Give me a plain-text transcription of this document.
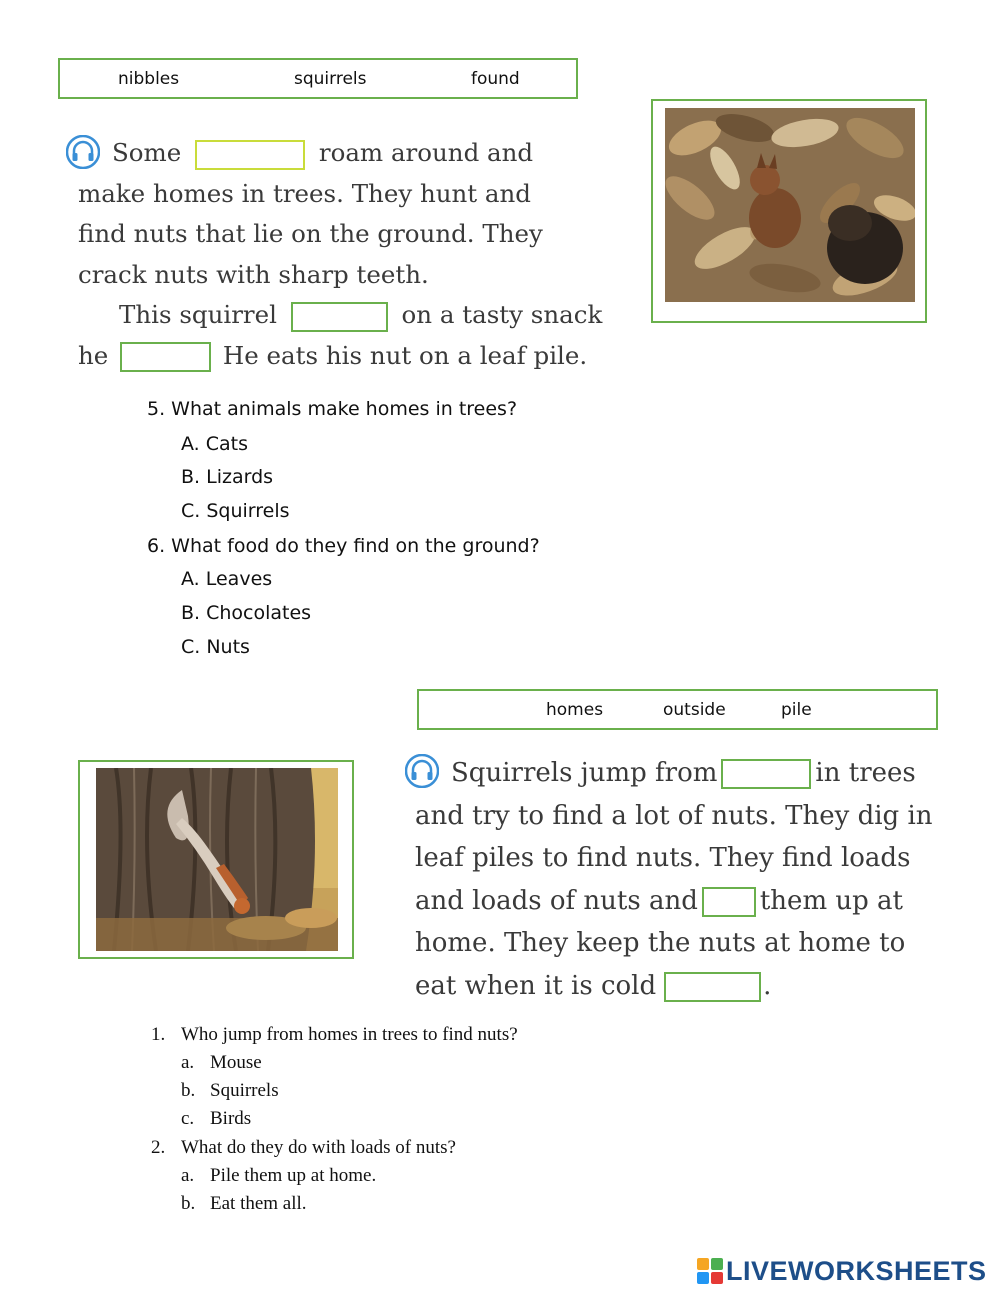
nibbles	squirrels	found
Some	roam around and
make homes in trees. They hunt and
find nuts that lie on the ground. They
crack nuts with sharp teeth.
This squirrel	on a tasty snack
he	He eats his nut on a leaf pile.
5. What animals make homes in trees?
A. Cats
B. Lizards
C. Squirrels
6. What food do they find on the ground?
A. Leaves
B. Chocolates
C. Nuts
homes	outside	pile
Squirrels jump from	in trees
and try to find a lot of nuts. They dig in
leaf piles to find nuts. They find loads
and loads of nuts and them up at
home. They keep the nuts at home to
eat when it is cold	.
1. Who jump from homes in trees to find nuts?
a. Mouse
b. Squirrels
c. Birds
2. What do they do with loads of nuts?
a. Pile them up at home.
b. Eat them all.
LIVEWORKSHEETS
